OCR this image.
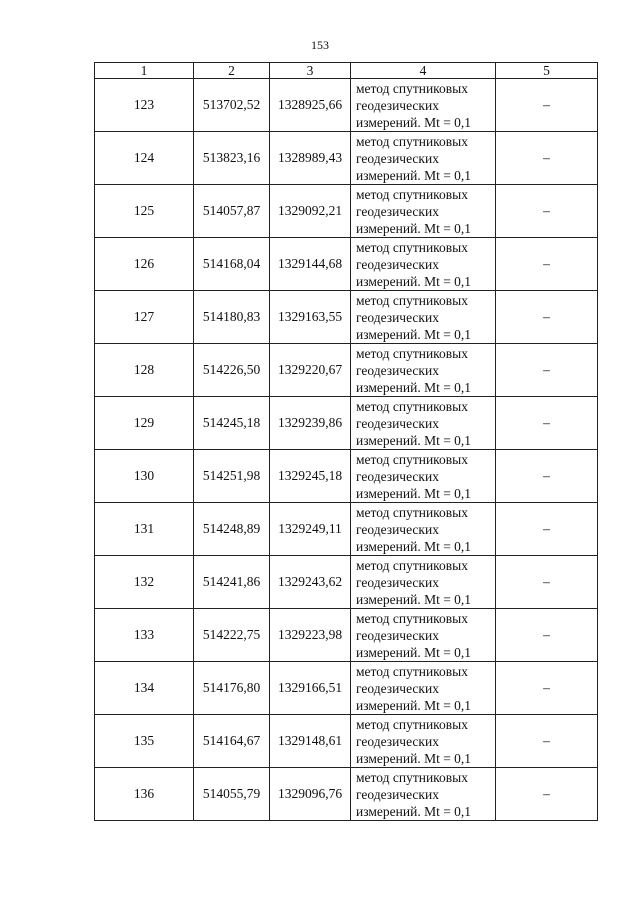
153
1	2	3	4	5
123	513702,52	1328925,66	метод спутниковых
геодезических
измерений. Mt = 0,1	–
124	513823,16	1328989,43	метод спутниковых
геодезических
измерений. Mt = 0,1	–
125	514057,87	1329092,21	метод спутниковых
геодезических
измерений. Mt = 0,1	–
126	514168,04	1329144,68	метод спутниковых
геодезических
измерений. Mt = 0,1	–
127	514180,83	1329163,55	метод спутниковых
геодезических
измерений. Mt = 0,1	–
128	514226,50	1329220,67	метод спутниковых
геодезических
измерений. Mt = 0,1	–
129	514245,18	1329239,86	метод спутниковых
геодезических
измерений. Mt = 0,1	–
130	514251,98	1329245,18	метод спутниковых
геодезических
измерений. Mt = 0,1	–
131	514248,89	1329249,11	метод спутниковых
геодезических
измерений. Mt = 0,1	–
132	514241,86	1329243,62	метод спутниковых
геодезических
измерений. Mt = 0,1	–
133	514222,75	1329223,98	метод спутниковых
геодезических
измерений. Mt = 0,1	–
134	514176,80	1329166,51	метод спутниковых
геодезических
измерений. Mt = 0,1	–
135	514164,67	1329148,61	метод спутниковых
геодезических
измерений. Mt = 0,1	–
136	514055,79	1329096,76	метод спутниковых
геодезических
измерений. Mt = 0,1	–
